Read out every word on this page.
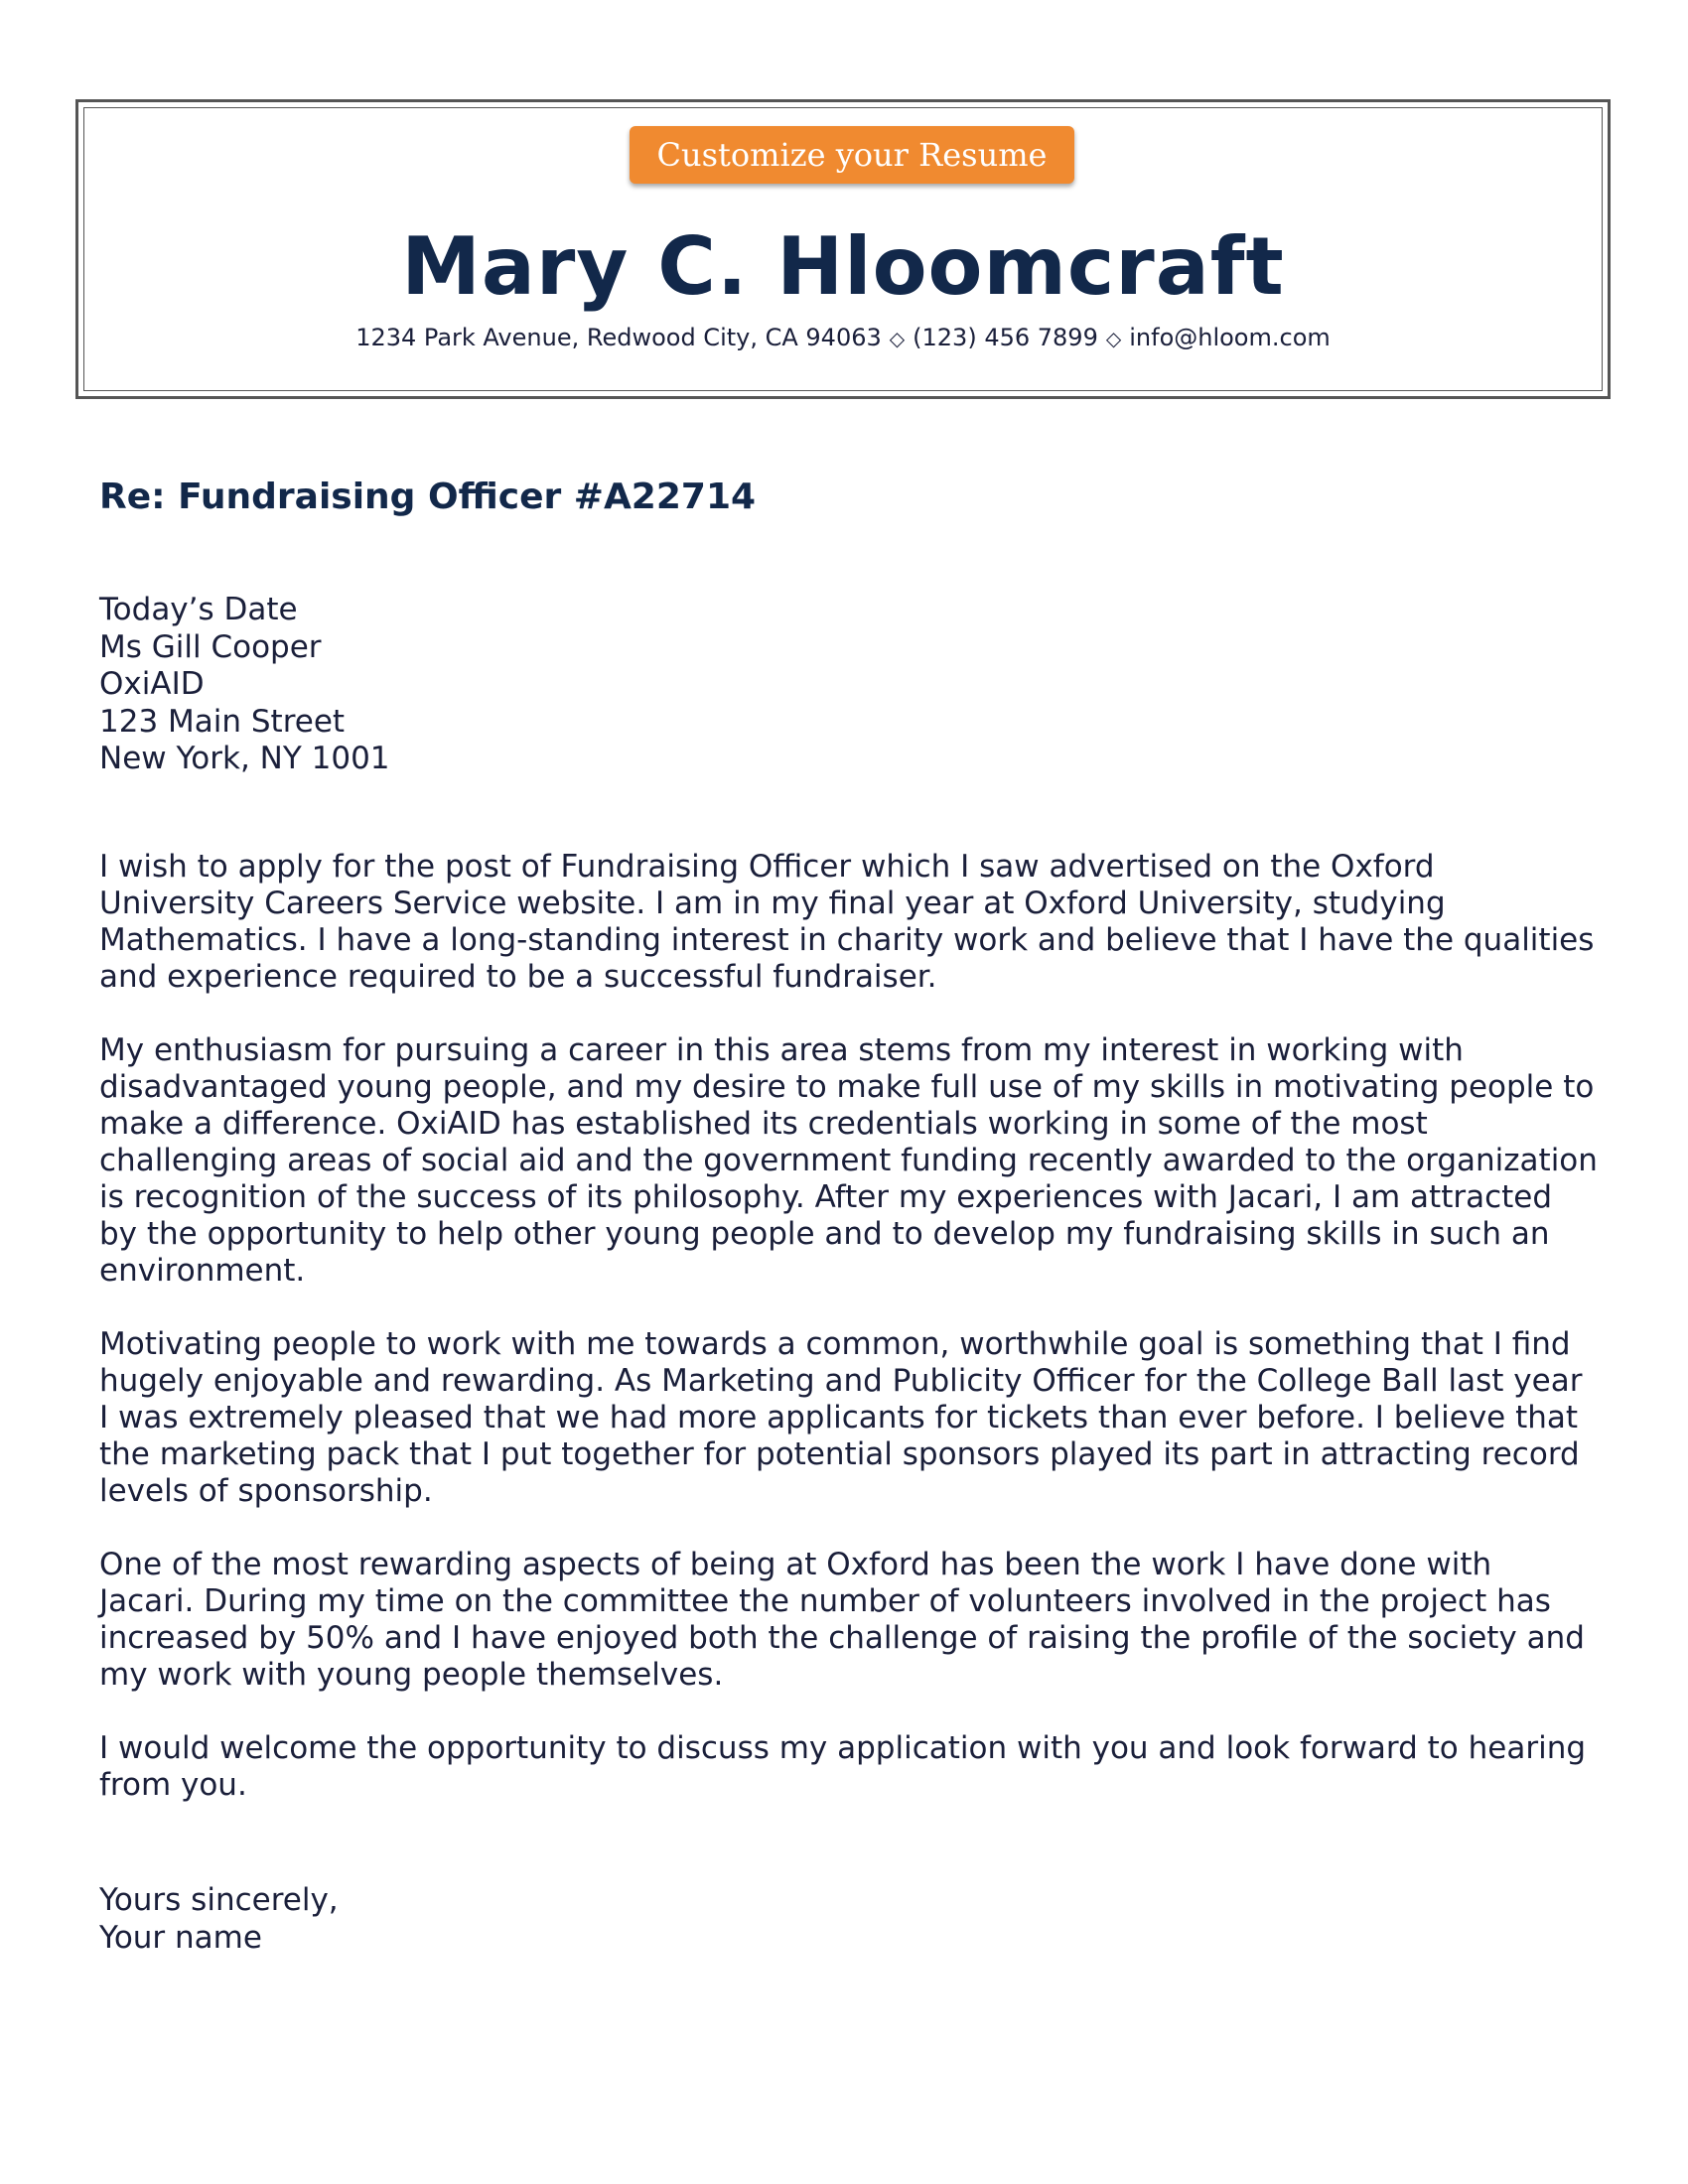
Customize your Resume
Mary C. Hloomcraft
1234 Park Avenue, Redwood City, CA 94063 ◇ (123) 456 7899 ◇ info@hloom.com
Re: Fundraising Officer #A22714
Today’s Date
Ms Gill Cooper
OxiAID
123 Main Street
New York, NY 1001

I wish to apply for the post of Fundraising Officer which I saw advertised on the Oxford
University Careers Service website. I am in my final year at Oxford University, studying
Mathematics. I have a long-standing interest in charity work and believe that I have the qualities
and experience required to be a successful fundraiser.

My enthusiasm for pursuing a career in this area stems from my interest in working with
disadvantaged young people, and my desire to make full use of my skills in motivating people to
make a difference. OxiAID has established its credentials working in some of the most
challenging areas of social aid and the government funding recently awarded to the organization
is recognition of the success of its philosophy. After my experiences with Jacari, I am attracted
by the opportunity to help other young people and to develop my fundraising skills in such an
environment.

Motivating people to work with me towards a common, worthwhile goal is something that I find
hugely enjoyable and rewarding. As Marketing and Publicity Officer for the College Ball last year
I was extremely pleased that we had more applicants for tickets than ever before. I believe that
the marketing pack that I put together for potential sponsors played its part in attracting record
levels of sponsorship.

One of the most rewarding aspects of being at Oxford has been the work I have done with
Jacari. During my time on the committee the number of volunteers involved in the project has
increased by 50% and I have enjoyed both the challenge of raising the profile of the society and
my work with young people themselves.

I would welcome the opportunity to discuss my application with you and look forward to hearing
from you.

Yours sincerely,
Your name
